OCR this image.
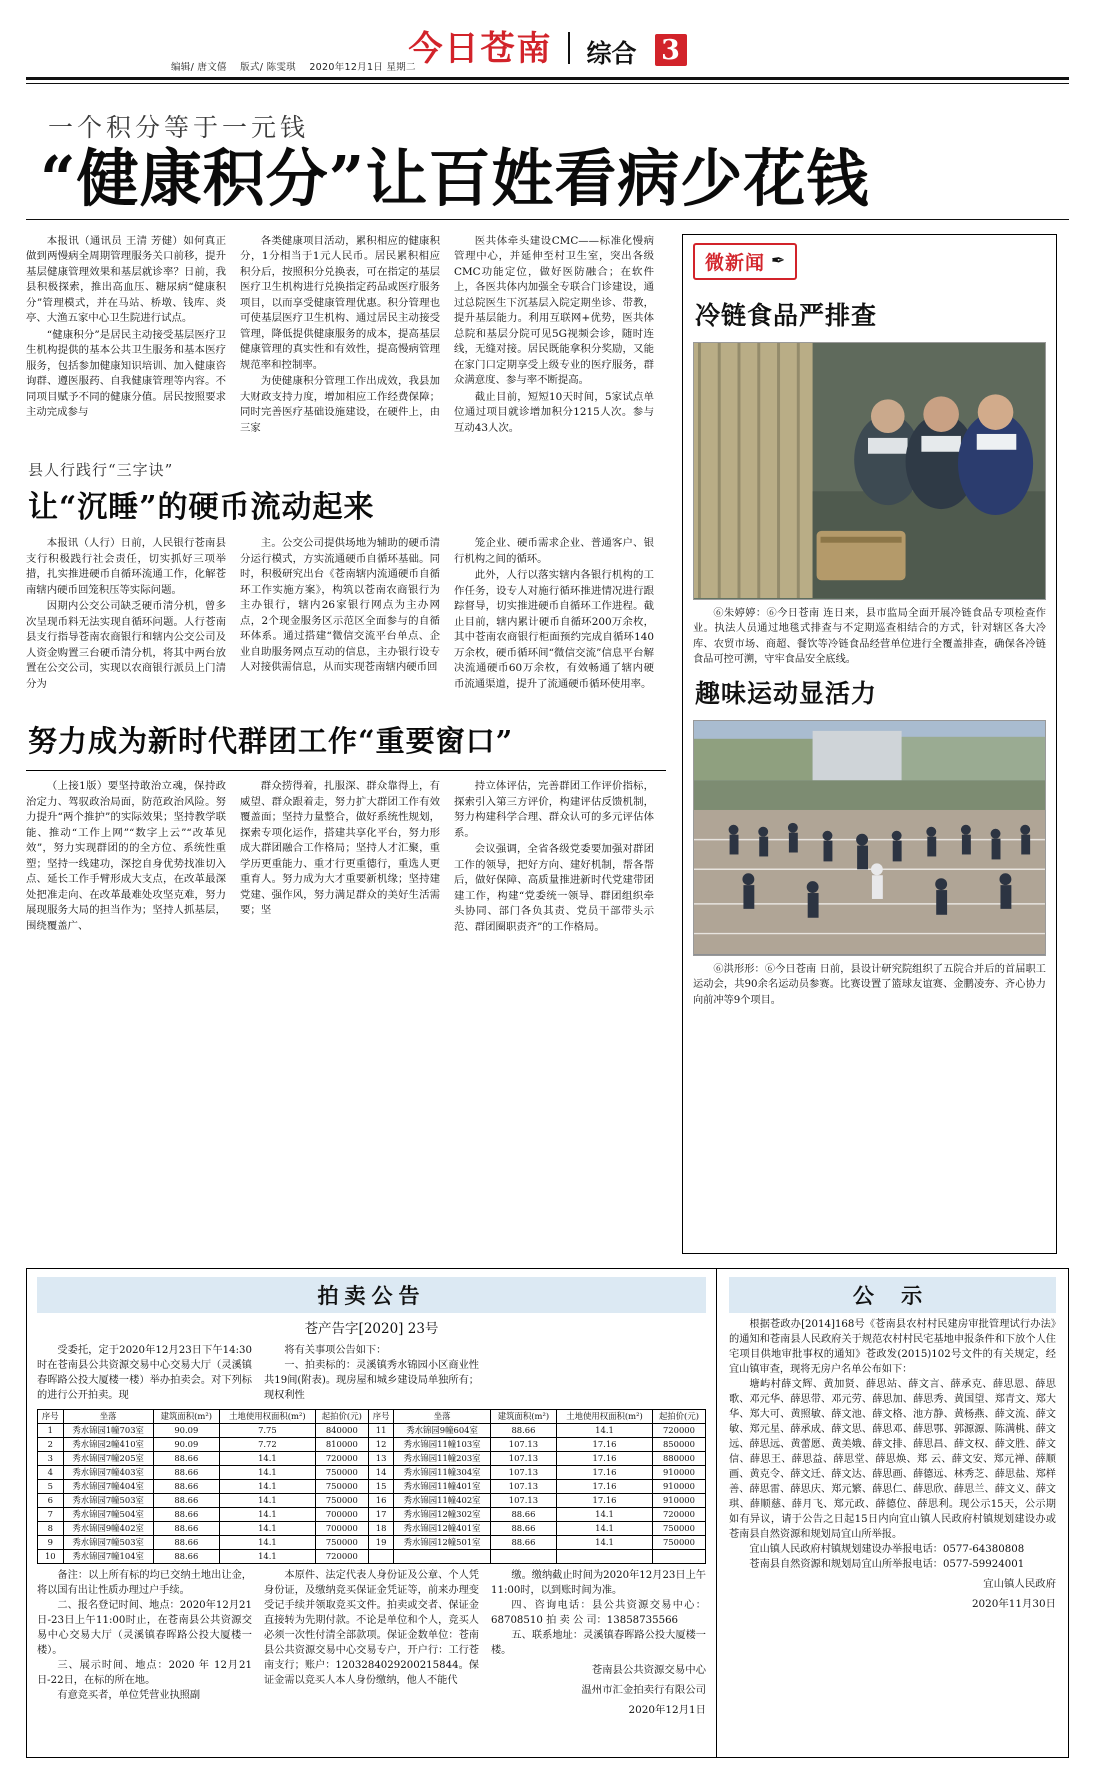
今日苍南 综合 3
编辑/ 唐文僖 版式/ 陈雯琪 2020年12月1日 星期二
一个积分等于一元钱
“健康积分”让百姓看病少花钱

本报讯（通讯员 王清 芳健）如何真正做到两慢病全周期管理服务关口前移，提升基层健康管理效果和基层就诊率？日前，我县积极探索，推出高血压、糖尿病“健康积分”管理模式，并在马站、桥墩、钱库、炎亭、大渔五家中心卫生院进行试点。

“健康积分”是居民主动接受基层医疗卫生机构提供的基本公共卫生服务和基本医疗服务，包括参加健康知识培训、加入健康咨询群、遵医服药、自我健康管理等内容。不同项目赋予不同的健康分值。居民按照要求主动完成参与

各类健康项目活动，累积相应的健康积分，1分相当于1元人民币。居民累积相应积分后，按照积分兑换表，可在指定的基层医疗卫生机构进行兑换指定药品或医疗服务项目，以而享受健康管理优惠。积分管理也可使基层医疗卫生机构、通过居民主动接受管理，降低提供健康服务的成本，提高基层健康管理的真实性和有效性，提高慢病管理规范率和控制率。

为使健康积分管理工作出成效，我县加大财政支持力度，增加相应工作经费保障；同时完善医疗基础设施建设，在硬件上，由三家

医共体牵头建设CMC——标准化慢病管理中心，并延伸至村卫生室，突出各级CMC功能定位，做好医防融合；在软件上，各医共体内加强全专联合门诊建设，通过总院医生下沉基层入院定期坐诊、带教，提升基层能力。利用互联网+优势，医共体总院和基层分院可见5G视频会诊，随时连线，无缝对接。居民既能拿积分奖励，又能在家门口定期享受上级专业的医疗服务，群众满意度、参与率不断提高。

截止目前，短短10天时间，5家试点单位通过项目就诊增加积分1215人次。参与互动43人次。

县人行践行“三字诀”
让“沉睡”的硬币流动起来

本报讯（人行）日前，人民银行苍南县支行积极践行社会责任，切实抓好三项举措，扎实推进硬币自循环流通工作，化解苍南辖内硬币回笼积压等实际问题。

因期内公交公司缺乏硬币清分机，曾多次呈现币料无法实现自循环问题。人行苍南县支行指导苍南农商银行和辖内公交公司及人资金购置三台硬币清分机，将其中两台放置在公交公司，实现以农商银行派员上门清分为

主。公交公司提供场地为辅助的硬币清分运行模式，方实流通硬币自循环基础。同时，积极研究出台《苍南辖内流通硬币自循环工作实施方案》，构筑以苍南农商银行为主办银行，辖内26家银行网点为主办网点，2个现金服务区示范区全面参与的自循环体系。通过搭建“微信交流平台单点、企业自助服务网点互动的信息，主办银行设专人对接供需信息，从而实现苍南辖内硬币回

笼企业、硬币需求企业、普通客户、银行机构之间的循环。

此外，人行以落实辖内各银行机构的工作任务，设专人对施行循环推进情况进行跟踪督导，切实推进硬币自循环工作进程。截止目前，辖内累计硬币自循环200万余枚，其中苍南农商银行柜面预约完成自循环140万余枚，硬币循环间“微信交流”信息平台解决流通硬币60万余枚，有效畅通了辖内硬币流通渠道，提升了流通硬币循环使用率。

努力成为新时代群团工作“重要窗口”

（上接1版）要坚持敢治立魂，保持政治定力、驾驭政治局面，防范政治风险。努力提升“两个推护”的实际效果；坚持教学联能、推动“工作上网”“数字上云”“改革见效”，努力实现群团的的全方位、系统性重塑；坚持一线建功，深挖自身优势找准切入点、延长工作手臂形成大支点，在改革最深处把准走向、在改革最难处攻坚克难，努力展现服务大局的担当作为；坚持人抓基层，围绕覆盖广、

群众捞得着，扎服深、群众靠得上，有威望、群众跟着走，努力扩大群团工作有效覆盖面；坚持力量整合，做好系统性规划，探索专项化运作，搭建共享化平台，努力形成大群团融合工作格局；坚持人才汇聚，重学历更重能力、重才行更重德行，重选人更重育人。努力成为大才重要新机缘；坚持建党建、强作风，努力满足群众的美好生活需要；坚

持立体评估，完善群团工作评价指标，探索引入第三方评价，构建评估反馈机制，努力构建科学合理、群众认可的多元评估体系。

会议强调，全省各级党委要加强对群团工作的领导，把好方向、建好机制，帮各帮后，做好保障、高质量推进新时代党建带团建工作，构建“党委统一领导、群团组织牵头协同、部门各负其责、党员干部带头示范、群团圈职责齐”的工作格局。

微新闻 ✒
冷链食品严排查

⑥朱婷婷：⑥今日苍南 连日来，县市监局全面开展冷链食品专项检查作业。执法人员通过地毯式排查与不定期巡查相结合的方式，针对辖区各大冷库、农贸市场、商超、餐饮等冷链食品经营单位进行全覆盖排查，确保各冷链食品可控可溯，守牢食品安全底线。

趣味运动显活力

⑥洪形形：⑥今日苍南 日前，县设计研究院组织了五院合并后的首届职工运动会，共90余名运动员参赛。比赛设置了篮球友谊赛、金鹏凌夯、齐心协力向前冲等9个项目。

拍卖公告
苍产告字[2020] 23号

受委托，定于2020年12月23日下午14:30时在苍南县公共资源交易中心交易大厅（灵溪镇春晖路公投大厦楼一楼）举办拍卖会。对下列标的进行公开拍卖。现

将有关事项公告如下：

一、拍卖标的：灵溪镇秀水锦园小区商业性共19间(附表)。现房屋和城乡建设局单独所有；现权利性

序号	坐落	建筑面积(m²)	土地使用权面积(m²)	起拍价(元)	序号	坐落	建筑面积(m²)	土地使用权面积(m²)	起拍价(元)
1	秀水锦园1幢703室	90.09	7.75	840000	11	秀水锦园9幢604室	88.66	14.1	720000
2	秀水锦园2幢410室	90.09	7.72	810000	12	秀水锦园11幢103室	107.13	17.16	850000
3	秀水锦园7幢205室	88.66	14.1	720000	13	秀水锦园11幢203室	107.13	17.16	880000
4	秀水锦园7幢403室	88.66	14.1	750000	14	秀水锦园11幢304室	107.13	17.16	910000
5	秀水锦园7幢404室	88.66	14.1	750000	15	秀水锦园11幢401室	107.13	17.16	910000
6	秀水锦园7幢503室	88.66	14.1	750000	16	秀水锦园11幢402室	107.13	17.16	910000
7	秀水锦园7幢504室	88.66	14.1	700000	17	秀水锦园12幢302室	88.66	14.1	720000
8	秀水锦园9幢402室	88.66	14.1	700000	18	秀水锦园12幢401室	88.66	14.1	750000
9	秀水锦园7幢503室	88.66	14.1	750000	19	秀水锦园12幢501室	88.66	14.1	750000
10	秀水锦园7幢104室	88.66	14.1	720000					

备注：以上所有标的均已交纳土地出让金，将以国有出让性质办理过户手续。

二、报名登记时间、地点：2020年12月21日-23日上午11:00时止，在苍南县公共资源交易中心交易大厅（灵溪镇春晖路公投大厦楼一楼）。

三、展示时间、地点：2020 年 12月21日-22日，在标的所在地。

有意竞买者，单位凭营业执照副

本原件、法定代表人身份证及公章、个人凭身份证，及缴纳竞买保证金凭证等，前来办理变受记手续并领取竞买文件。拍卖或交者、保证金直接转为先期付款。不论是单位和个人，竞买人必须一次性付清全部款项。保证金数单位：苍南县公共资源交易中心交易专户，开户行：工行苍南支行；账户：1203284029200215844。保证金需以竞买人本人身份缴纳，他人不能代

缴。缴纳截止时间为2020年12月23日上午11:00时，以到账时间为准。

四、咨询电话：县公共资源交易中心：68708510 拍 卖 公 司：13858735566

五、联系地址：灵溪镇春晖路公投大厦楼一楼。

苍南县公共资源交易中心
温州市汇金拍卖行有限公司
2020年12月1日
公 示

根据苍政办[2014]168号《苍南县农村村民建房审批管理试行办法》的通知和苍南县人民政府关于规范农村村民宅基地申报条件和下放个人住宅项目供地审批事权的通知》苍政发(2015)102号文件的有关规定，经宜山镇审查，现将无房户名单公布如下：

塘屿村薛文辉、黄加贤、薛思站、薛文言、薛承克、薛思恩、薛思歌、邓元华、薛思带、邓元劳、薛思加、薛思秀、黄国望、郑青文、郑大华、郑大可、黄照敏、薛文池、薛文格、池方静、黄杨燕、薛文流、薛文敏、郑元星、薛承成、薛文思、薛思邓、薛思鄂、郭源源、陈满桃、薛文远、薛思远、黄蕾愿、黄美娥、薛文排、薛思昌、薛文权、薛文胜、薛文信、薛思王、薛思益、薛思堂、薛思焕、郑 云、薛文安、郑元禅、薛顺画、黄克令、薛文迁、薛文达、薛思画、薛德远、林秀芝、薛思盐、郑样善、薛思雷、薛思庆、郑元繁、薛思仁、薛思欣、薛思兰、薛文义、薛文琪、薛顺慈、薛月飞、郑元政、薛德位、薛思利。现公示15天，公示期如有异议，请于公告之日起15日内向宜山镇人民政府村镇规划建设办或苍南县自然资源和规划局宜山所举报。

宜山镇人民政府村镇规划建设办举报电话：0577-64380808

苍南县自然资源和规划局宜山所举报电话：0577-59924001

宜山镇人民政府
2020年11月30日
